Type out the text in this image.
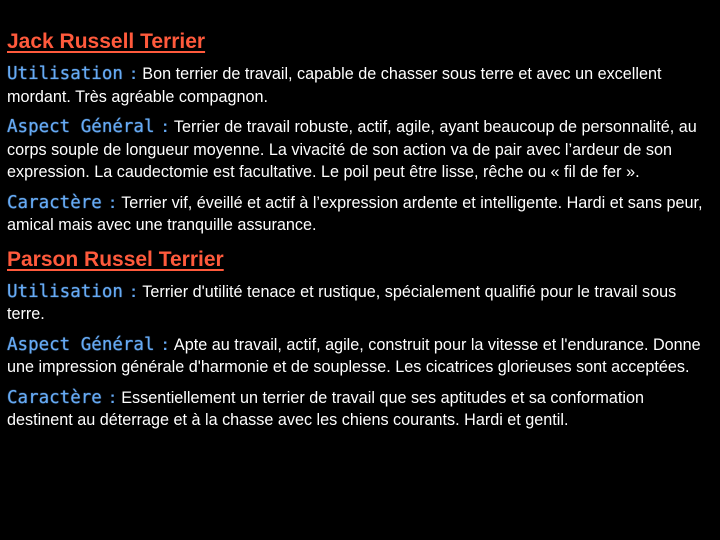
Jack Russell Terrier

Utilisation : Bon terrier de travail, capable de chasser sous terre et avec un excellent mordant. Très agréable compagnon.

Aspect Général : Terrier de travail robuste, actif, agile, ayant beaucoup de personnalité, au corps souple de longueur moyenne. La vivacité de son action va de pair avec l’ardeur de son expression. La caudectomie est facultative. Le poil peut être lisse, rêche ou « fil de fer ».

Caractère : Terrier vif, éveillé et actif à l’expression ardente et intelligente. Hardi et sans peur, amical mais avec une tranquille assurance.

Parson Russel Terrier

Utilisation : Terrier d'utilité tenace et rustique, spécialement qualifié pour le travail sous terre.

Aspect Général : Apte au travail, actif, agile, construit pour la vitesse et l'endurance. Donne une impression générale d'harmonie et de souplesse. Les cicatrices glorieuses sont acceptées.

Caractère : Essentiellement un terrier de travail que ses aptitudes et sa conformation destinent au déterrage et à la chasse avec les chiens courants. Hardi et gentil.
